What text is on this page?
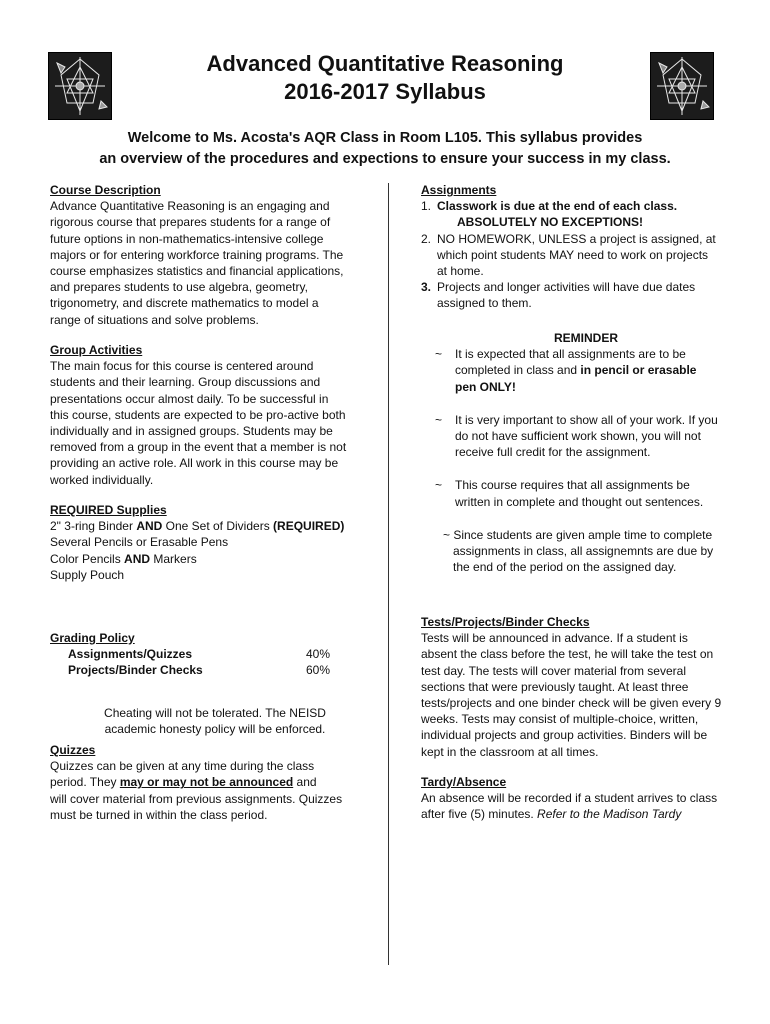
Advanced Quantitative Reasoning
2016-2017 Syllabus
Welcome to Ms. Acosta's AQR Class in Room L105. This syllabus provides
an overview of the procedures and expections to ensure your success in my class.
Course Description

Advance Quantitative Reasoning is an engaging and

rigorous course that prepares students for a range of

future options in non-mathematics-intensive college

majors or for entering workforce training programs. The

course emphasizes statistics and financial applications,

and prepares students to use algebra, geometry,

trigonometry, and discrete mathematics to model a

range of situations and solve problems.

Group Activities

The main focus for this course is centered around

students and their learning. Group discussions and

presentations occur almost daily. To be successful in

this course, students are expected to be pro-active both

individually and in assigned groups. Students may be

removed from a group in the event that a member is not

providing an active role. All work in this course may be

worked individually.

REQUIRED Supplies

2" 3-ring Binder AND One Set of Dividers (REQUIRED)

Several Pencils or Erasable Pens

Color Pencils AND Markers

Supply Pouch

Grading Policy
Assignments/Quizzes	40%
Projects/Binder Checks	60%

Cheating will not be tolerated. The NEISD

academic honesty policy will be enforced.

Quizzes

Quizzes can be given at any time during the class

period. They may or may not be announced and

will cover material from previous assignments. Quizzes

must be turned in within the class period.

Assignments
1. Classwork is due at the end of each class.

ABSOLUTELY NO EXCEPTIONS!

2. NO HOMEWORK, UNLESS a project is assigned, at

which point students MAY need to work on projects

at home.

3. Projects and longer activities will have due dates

assigned to them.

REMINDER
~ It is expected that all assignments are to be

completed in class and in pencil or erasable

pen ONLY!

~ It is very important to show all of your work. If you

do not have sufficient work shown, you will not

receive full credit for the assignment.

~ This course requires that all assignments be

written in complete and thought out sentences.

~ Since students are given ample time to complete

assignments in class, all assignemnts are due by

the end of the period on the assigned day.

Tests/Projects/Binder Checks

Tests will be announced in advance. If a student is

absent the class before the test, he will take the test on

test day. The tests will cover material from several

sections that were previously taught. At least three

tests/projects and one binder check will be given every 9

weeks. Tests may consist of multiple-choice, written,

individual projects and group activities. Binders will be

kept in the classroom at all times.

Tardy/Absence

An absence will be recorded if a student arrives to class

after five (5) minutes. Refer to the Madison Tardy
